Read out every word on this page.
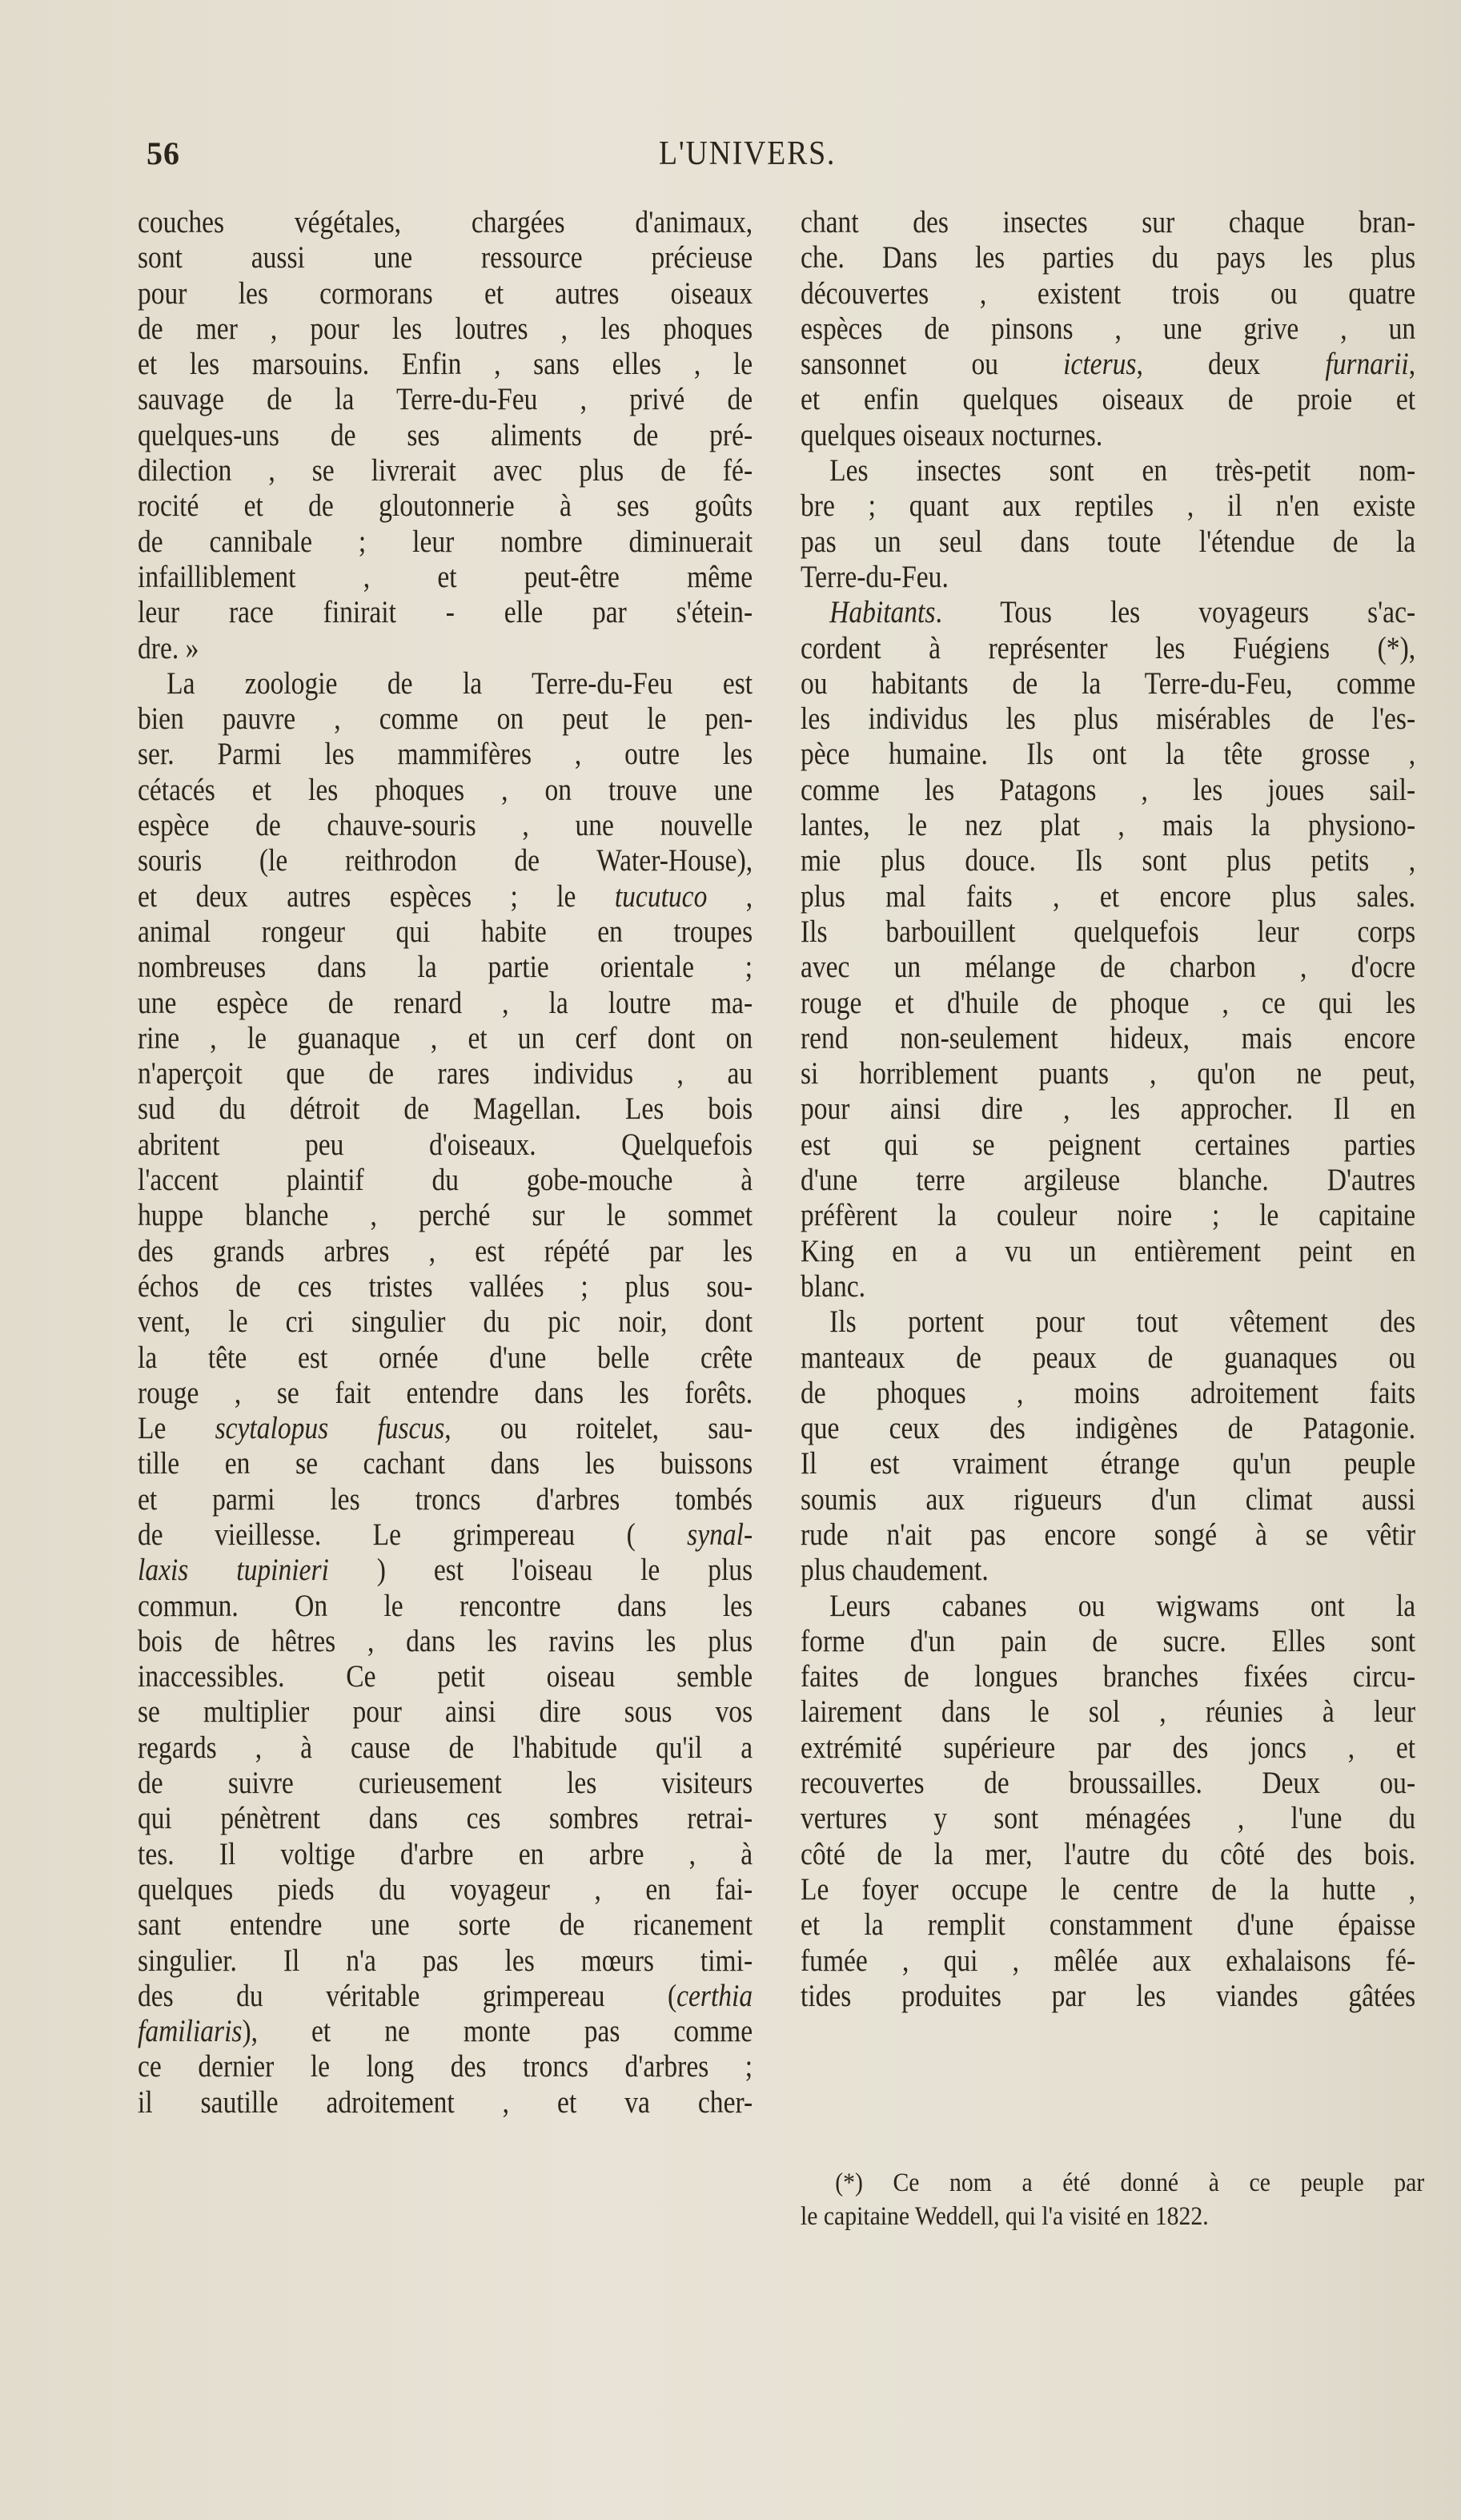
56	L'UNIVERS.
couches végétales, chargées d'animaux,
sont aussi une ressource précieuse
pour les cormorans et autres oiseaux
de mer , pour les loutres , les phoques
et les marsouins. Enfin , sans elles , le
sauvage de la Terre-du-Feu , privé de
quelques-uns de ses aliments de pré-
dilection , se livrerait avec plus de fé-
rocité et de gloutonnerie à ses goûts
de cannibale ; leur nombre diminuerait
infailliblement , et peut-être même
leur race finirait - elle par s'étein-
dre. »
La zoologie de la Terre-du-Feu est
bien pauvre , comme on peut le pen-
ser. Parmi les mammifères , outre les
cétacés et les phoques , on trouve une
espèce de chauve-souris , une nouvelle
souris (le reithrodon de Water-House),
et deux autres espèces ; le tucutuco ,
animal rongeur qui habite en troupes
nombreuses dans la partie orientale ;
une espèce de renard , la loutre ma-
rine , le guanaque , et un cerf dont on
n'aperçoit que de rares individus , au
sud du détroit de Magellan. Les bois
abritent peu d'oiseaux. Quelquefois
l'accent plaintif du gobe-mouche à
huppe blanche , perché sur le sommet
des grands arbres , est répété par les
échos de ces tristes vallées ; plus sou-
vent, le cri singulier du pic noir, dont
la tête est ornée d'une belle crête
rouge , se fait entendre dans les forêts.
Le scytalopus fuscus, ou roitelet, sau-
tille en se cachant dans les buissons
et parmi les troncs d'arbres tombés
de vieillesse. Le grimpereau ( synal-
laxis tupinieri ) est l'oiseau le plus
commun. On le rencontre dans les
bois de hêtres , dans les ravins les plus
inaccessibles. Ce petit oiseau semble
se multiplier pour ainsi dire sous vos
regards , à cause de l'habitude qu'il a
de suivre curieusement les visiteurs
qui pénètrent dans ces sombres retrai-
tes. Il voltige d'arbre en arbre , à
quelques pieds du voyageur , en fai-
sant entendre une sorte de ricanement
singulier. Il n'a pas les mœurs timi-
des du véritable grimpereau (certhia
familiaris), et ne monte pas comme
ce dernier le long des troncs d'arbres ;
il sautille adroitement , et va cher-
chant des insectes sur chaque bran-
che. Dans les parties du pays les plus
découvertes , existent trois ou quatre
espèces de pinsons , une grive , un
sansonnet ou icterus, deux furnarii,
et enfin quelques oiseaux de proie et
quelques oiseaux nocturnes.
Les insectes sont en très-petit nom-
bre ; quant aux reptiles , il n'en existe
pas un seul dans toute l'étendue de la
Terre-du-Feu.
Habitants. Tous les voyageurs s'ac-
cordent à représenter les Fuégiens (*),
ou habitants de la Terre-du-Feu, comme
les individus les plus misérables de l'es-
pèce humaine. Ils ont la tête grosse ,
comme les Patagons , les joues sail-
lantes, le nez plat , mais la physiono-
mie plus douce. Ils sont plus petits ,
plus mal faits , et encore plus sales.
Ils barbouillent quelquefois leur corps
avec un mélange de charbon , d'ocre
rouge et d'huile de phoque , ce qui les
rend non-seulement hideux, mais encore
si horriblement puants , qu'on ne peut,
pour ainsi dire , les approcher. Il en
est qui se peignent certaines parties
d'une terre argileuse blanche. D'autres
préfèrent la couleur noire ; le capitaine
King en a vu un entièrement peint en
blanc.
Ils portent pour tout vêtement des
manteaux de peaux de guanaques ou
de phoques , moins adroitement faits
que ceux des indigènes de Patagonie.
Il est vraiment étrange qu'un peuple
soumis aux rigueurs d'un climat aussi
rude n'ait pas encore songé à se vêtir
plus chaudement.
Leurs cabanes ou wigwams ont la
forme d'un pain de sucre. Elles sont
faites de longues branches fixées circu-
lairement dans le sol , réunies à leur
extrémité supérieure par des joncs , et
recouvertes de broussailles. Deux ou-
vertures y sont ménagées , l'une du
côté de la mer, l'autre du côté des bois.
Le foyer occupe le centre de la hutte ,
et la remplit constamment d'une épaisse
fumée , qui , mêlée aux exhalaisons fé-
tides produites par les viandes gâtées
(*) Ce nom a été donné à ce peuple par
le capitaine Weddell, qui l'a visité en 1822.
